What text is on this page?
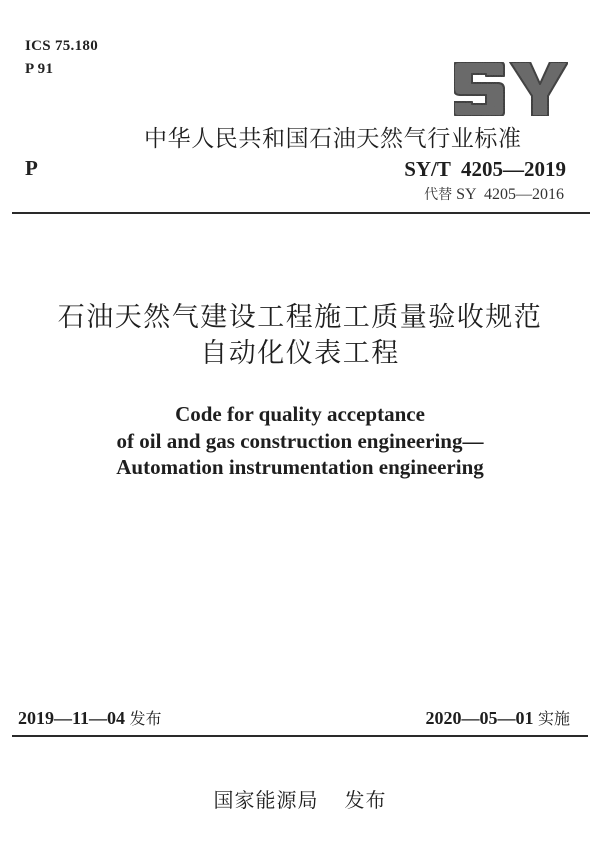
ICS 75.180
P 91
P
中华人民共和国石油天然气行业标准
SY/T  4205—2019
代替 SY  4205—2016
石油天然气建设工程施工质量验收规范
自动化仪表工程
Code for quality acceptance
of oil and gas construction engineering—
Automation instrumentation engineering
2019—11—04 发布	2020—05—01 实施
国家能源局 发布
